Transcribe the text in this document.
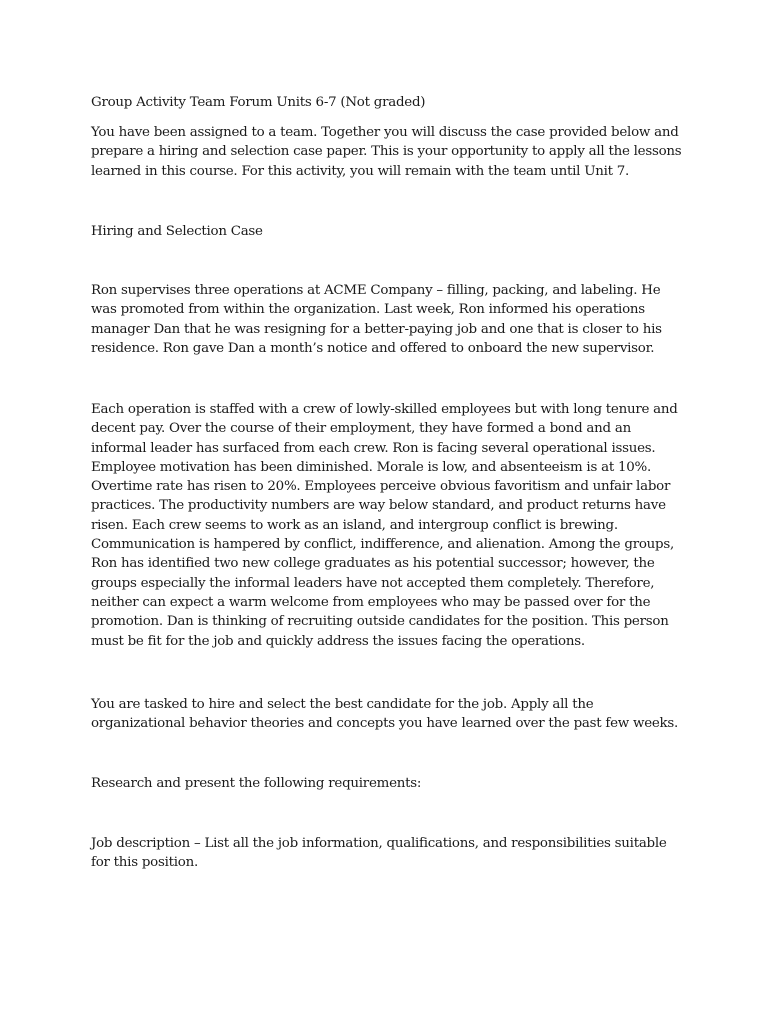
Group Activity Team Forum Units 6-7 (Not graded)

You have been assigned to a team. Together you will discuss the case provided below and prepare a hiring and selection case paper. This is your opportunity to apply all the lessons learned in this course. For this activity, you will remain with the team until Unit 7.

Hiring and Selection Case

Ron supervises three operations at ACME Company – filling, packing, and labeling. He was promoted from within the organization. Last week, Ron informed his operations manager Dan that he was resigning for a better-paying job and one that is closer to his residence. Ron gave Dan a month’s notice and offered to onboard the new supervisor.

Each operation is staffed with a crew of lowly-skilled employees but with long tenure and decent pay. Over the course of their employment, they have formed a bond and an informal leader has surfaced from each crew. Ron is facing several operational issues. Employee motivation has been diminished. Morale is low, and absenteeism is at 10%. Overtime rate has risen to 20%. Employees perceive obvious favoritism and unfair labor practices. The productivity numbers are way below standard, and product returns have risen. Each crew seems to work as an island, and intergroup conflict is brewing. Communication is hampered by conflict, indifference, and alienation. Among the groups, Ron has identified two new college graduates as his potential successor; however, the groups especially the informal leaders have not accepted them completely. Therefore, neither can expect a warm welcome from employees who may be passed over for the promotion. Dan is thinking of recruiting outside candidates for the position. This person must be fit for the job and quickly address the issues facing the operations.

You are tasked to hire and select the best candidate for the job. Apply all the organizational behavior theories and concepts you have learned over the past few weeks.

Research and present the following requirements:

Job description – List all the job information, qualifications, and responsibilities suitable for this position.
